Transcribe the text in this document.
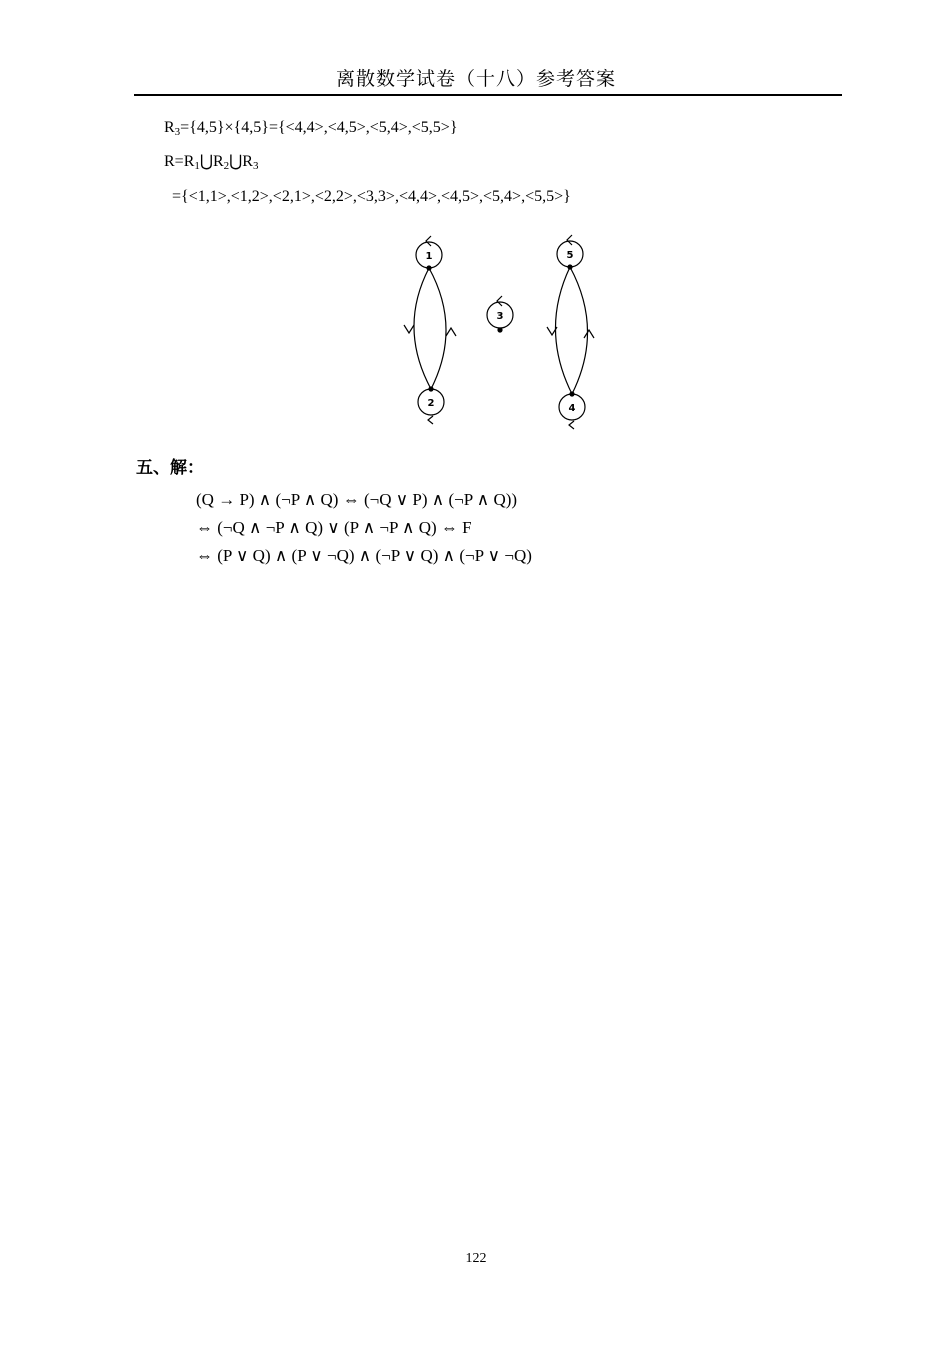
离散数学试卷（十八）参考答案
$R_3=\{4,5\}\times\{4,5\}=\{<4,4>,<4,5>,<5,4>,<5,5>\}$
$R=R_1⋃R_2⋃R_3$
={<1,1>,<1,2>,<2,1>,<2,2>,<3,3>,<4,4>,<4,5>,<5,4>,<5,5>}
1
2
3
4
5
五、解：
(Q → P) ∧ (¬P ∧ Q) ⇔ (¬Q ∨ P) ∧ (¬P ∧ Q))
⇔ (¬Q ∧ ¬P ∧ Q) ∨ (P ∧ ¬P ∧ Q) ⇔ F
⇔ (P ∨ Q) ∧ (P ∨ ¬Q) ∧ (¬P ∨ Q) ∧ (¬P ∨ ¬Q)
122
